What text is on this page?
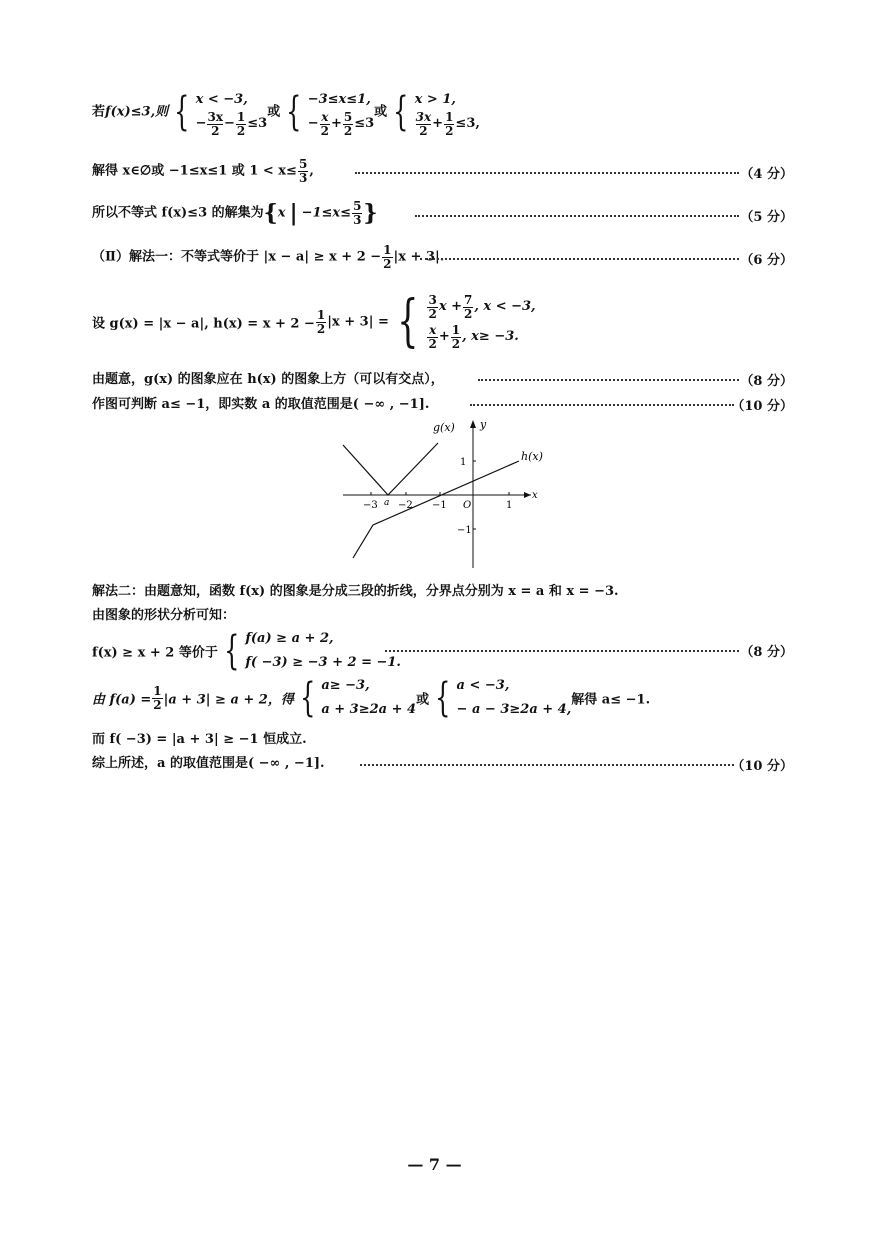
若f(x)≤3,则 { x < −3,
− $\frac{3x}{2} - \frac{1}{2} \le 3$
或 { −3≤x≤1,
− $\frac{x}{2} + \frac{5}{2} \le 3$
或 { x > 1,
$\frac{3x}{2} + \frac{1}{2} \le 3$,
解得 x∈∅或 −1≤x≤1 或 $1 < x\le \frac{5}{3}$ ,	（4 分）
所以不等式 f(x)≤3 的解集为{x | $-1\le x\le \frac{5}{3}$ }	（5 分）
（Ⅱ）解法一：不等式等价于 $|x - a| \ge x + 2 - \frac{1}{2} |x + 3|$.	（6 分）
设 g(x) = |x − a|, $h(x) = x + 2 - \frac{1}{2} |x + 3|$ = { $\frac{3}{2}$ $x + \frac{7}{2}$ , x < −3,
$\frac{x}{2} + \frac{1}{2}$ , x≥ −3.
由题意，g(x) 的图象应在 h(x) 的图象上方（可以有交点），	（8 分）
作图可判断 a≤ −1，即实数 a 的取值范围是( −∞ , −1].	（10 分）
g(x)
h(x)
y
x
−3 a −2 −1 O	1
1
−1
解法二：由题意知，函数 f(x) 的图象是分成三段的折线，分界点分别为 x = a 和 x = −3.
由图象的形状分析可知：
f(x) ≥ x + 2 等价于 { f(a) ≥ a + 2,
f( −3) ≥ −3 + 2 = −1.
（8 分）
由 $f(a) = \frac{1}{2} |a + 3| \ge a + 2$，得 { a≥ −3,
a + 3≥2a + 4
或 { a < −3,
− a − 3≥2a + 4,
解得 a≤ −1.
而 f( −3) = |a + 3| ≥ −1 恒成立.
综上所述，a 的取值范围是( −∞ , −1].	（10 分）
— 7 —
